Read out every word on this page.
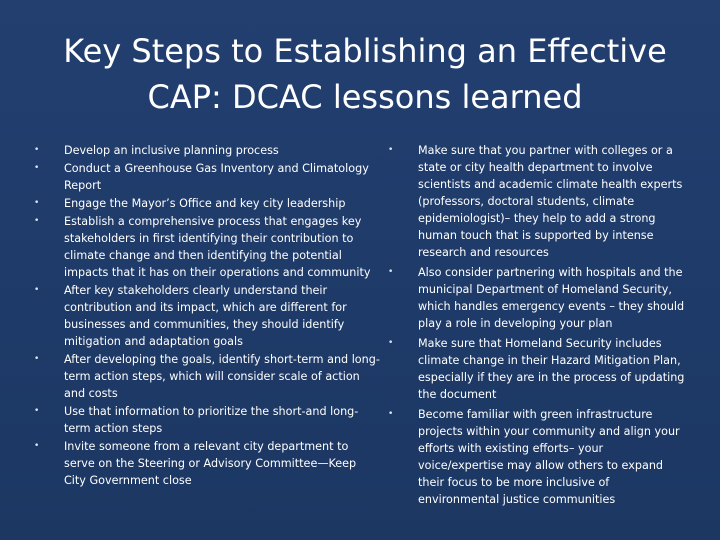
Key Steps to Establishing an Effective CAP: DCAC lessons learned
• Develop an inclusive planning process
• Conduct a Greenhouse Gas Inventory and Climatology Report
• Engage the Mayor’s Office and key city leadership
• Establish a comprehensive process that engages key stakeholders in first identifying their contribution to climate change and then identifying the potential impacts that it has on their operations and community
• After key stakeholders clearly understand their contribution and its impact, which are different for businesses and communities, they should identify mitigation and adaptation goals
• After developing the goals, identify short-term and long-term action steps, which will consider scale of action and costs
• Use that information to prioritize the short-and long-term action steps
• Invite someone from a relevant city department to serve on the Steering or Advisory Committee—Keep City Government close
• Make sure that you partner with colleges or a state or city health department to involve scientists and academic climate health experts (professors, doctoral students, climate epidemiologist)– they help to add a strong human touch that is supported by intense research and resources
• Also consider partnering with hospitals and the municipal Department of Homeland Security, which handles emergency events – they should play a role in developing your plan
• Make sure that Homeland Security includes climate change in their Hazard Mitigation Plan, especially if they are in the process of updating the document
• Become familiar with green infrastructure projects within your community and align your efforts with existing efforts– your voice/expertise may allow others to expand their focus to be more inclusive of environmental justice communities
